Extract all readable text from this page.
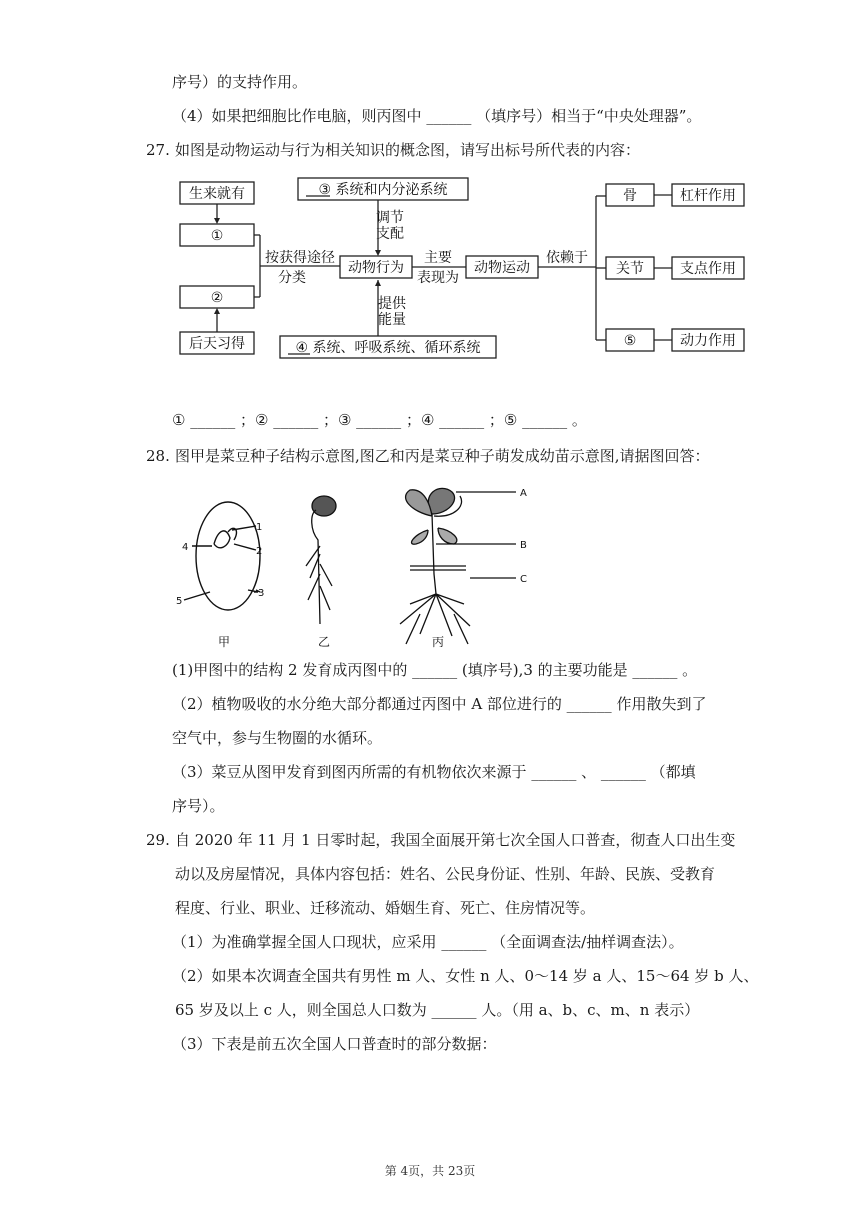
序号）的支持作用。
（4）如果把细胞比作电脑，则丙图中 ______ （填序号）相当于“中央处理器”。
27. 如图是动物运动与行为相关知识的概念图，请写出标号所代表的内容：
生来就有
①
②
后天习得
③ 系统和内分泌系统
调节
支配
按获得途径
分类
动物行为
主要
表现为
动物运动
依赖于
提供
能量
④ 系统、呼吸系统、循环系统
骨
关节
⑤
杠杆作用
支点作用
动力作用
① ______ ；② ______ ；③ ______ ；④ ______ ；⑤ ______ 。
28. 图甲是菜豆种子结构示意图,图乙和丙是菜豆种子萌发成幼苗示意图,请据图回答：
1
2
3
4
5
A
B
C
甲	乙	丙
(1)甲图中的结构 2 发育成丙图中的 ______ (填序号),3 的主要功能是 ______ 。
（2）植物吸收的水分绝大部分都通过丙图中 A 部位进行的 ______ 作用散失到了
空气中，参与生物圈的水循环。
（3）菜豆从图甲发育到图丙所需的有机物依次来源于 ______ 、 ______ （都填
序号）。
29. 自 2020 年 11 月 1 日零时起，我国全面展开第七次全国人口普查，彻查人口出生变
动以及房屋情况，具体内容包括：姓名、公民身份证、性别、年龄、民族、受教育
程度、行业、职业、迁移流动、婚姻生育、死亡、住房情况等。
（1）为准确掌握全国人口现状，应采用 ______ （全面调查法/抽样调查法）。
（2）如果本次调查全国共有男性 m 人、女性 n 人、0～14 岁 a 人、15～64 岁 b 人、
65 岁及以上 c 人，则全国总人口数为 ______ 人。（用 a、b、c、m、n 表示）
（3）下表是前五次全国人口普查时的部分数据：
第 4页，共 23页
